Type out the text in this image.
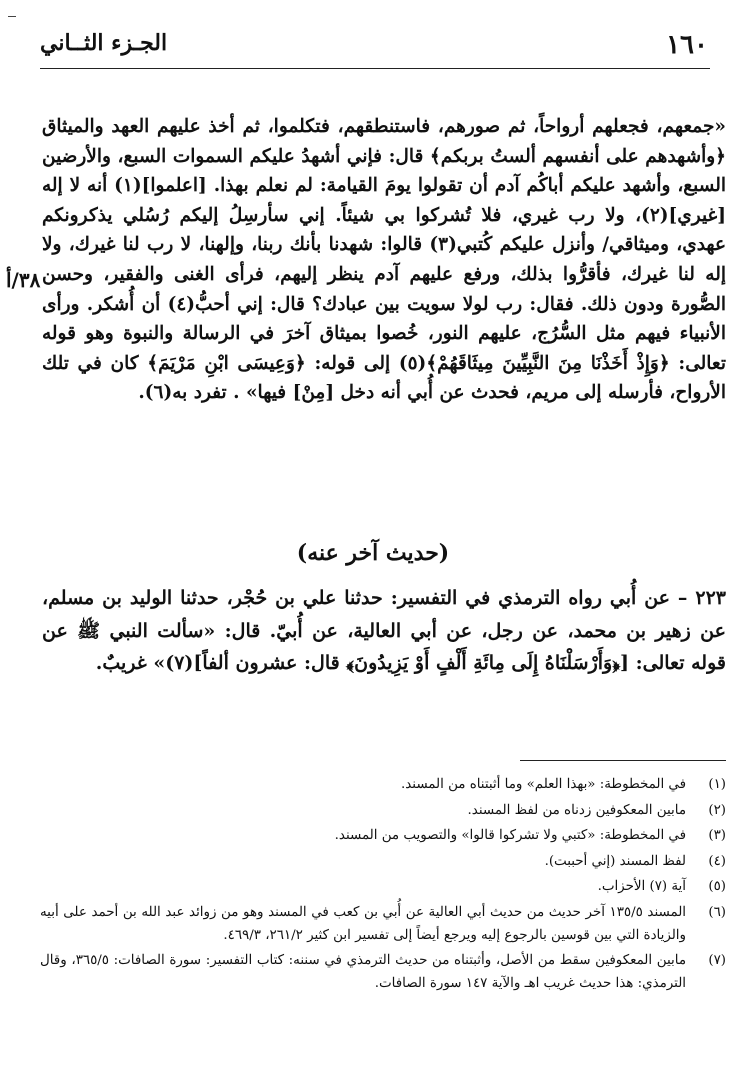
١٦٠
الجـزء الثــاني
٣٨/أ

«جمعهم، فجعلهم أرواحاً، ثم صورهم، فاستنطقهم، فتكلموا، ثم أخذ عليهم العهد والميثاق ﴿وأشهدهم على أنفسهم ألستُ بربكم﴾ قال: فإني أشهدُ عليكم السموات السبع، والأرضين السبع، وأشهد عليكم أباكُم آدم أن تقولوا يومَ القيامة: لم نعلم بهذا. [اعلموا](١) أنه لا إله [غيري](٢)، ولا رب غيري، فلا تُشركوا بي شيئاً. إني سأرسِلُ إليكم رُسُلي يذكرونكم عهدي، وميثاقي/ وأنزل عليكم كُتبي(٣) قالوا: شهدنا بأنك ربنا، وإلهنا، لا رب لنا غيرك، ولا إله لنا غيرك، فأقرُّوا بذلك، ورفع عليهم آدم ينظر إليهم، فرأى الغنى والفقير، وحسن الصُّورة ودون ذلك. فقال: رب لولا سويت بين عبادك؟ قال: إني أحبُّ(٤) أن أُشكر. ورأى الأنبياء فيهم مثل السُّرُج، عليهم النور، خُصوا بميثاق آخرَ في الرسالة والنبوة وهو قوله تعالى: ﴿وَإِذْ أَخَذْنَا مِنَ النَّبِيِّينَ مِيثَاقَهُمْ﴾(٥) إلى قوله: ﴿وَعِيسَى ابْنِ مَرْيَمَ﴾ كان في تلك الأرواح، فأرسله إلى مريم، فحدث عن أُبي أنه دخل [مِنْ] فيها» . تفرد به(٦).

(حديث آخر عنه)

٢٢٣ – عن أُبي رواه الترمذي في التفسير: حدثنا علي بن حُجْر، حدثنا الوليد بن مسلم، عن زهير بن محمد، عن رجل، عن أبي العالية، عن أُبيّ. قال: «سألت النبي ﷺ عن قوله تعالى: [﴿وَأَرْسَلْنَاهُ إِلَى مِائَةِ أَلْفٍ أَوْ يَزِيدُونَ﴾ قال: عشرون ألفاً](٧)» غريبٌ.

(١)
في المخطوطة: «بهذا العلم» وما أثبتناه من المسند.
(٢)
مابين المعكوفين زدناه من لفظ المسند.
(٣)
في المخطوطة: «كتبي ولا تشركوا قالوا» والتصويب من المسند.
(٤)
لفظ المسند (إني أحببت).
(٥)
آية (٧) الأحزاب.
(٦)
المسند ١٣٥/٥ آخر حديث من حديث أبي العالية عن أُبي بن كعب في المسند وهو من زوائد عبد الله بن أحمد على أبيه والزيادة التي بين قوسين بالرجوع إليه ويرجع أيضاً إلى تفسير ابن كثير ٢٦١/٢، ٤٦٩/٣.
(٧)
مابين المعكوفين سقط من الأصل، وأثبتناه من حديث الترمذي في سننه: كتاب التفسير: سورة الصافات: ٣٦٥/٥، وقال الترمذي: هذا حديث غريب اهـ والآية ١٤٧ سورة الصافات.
